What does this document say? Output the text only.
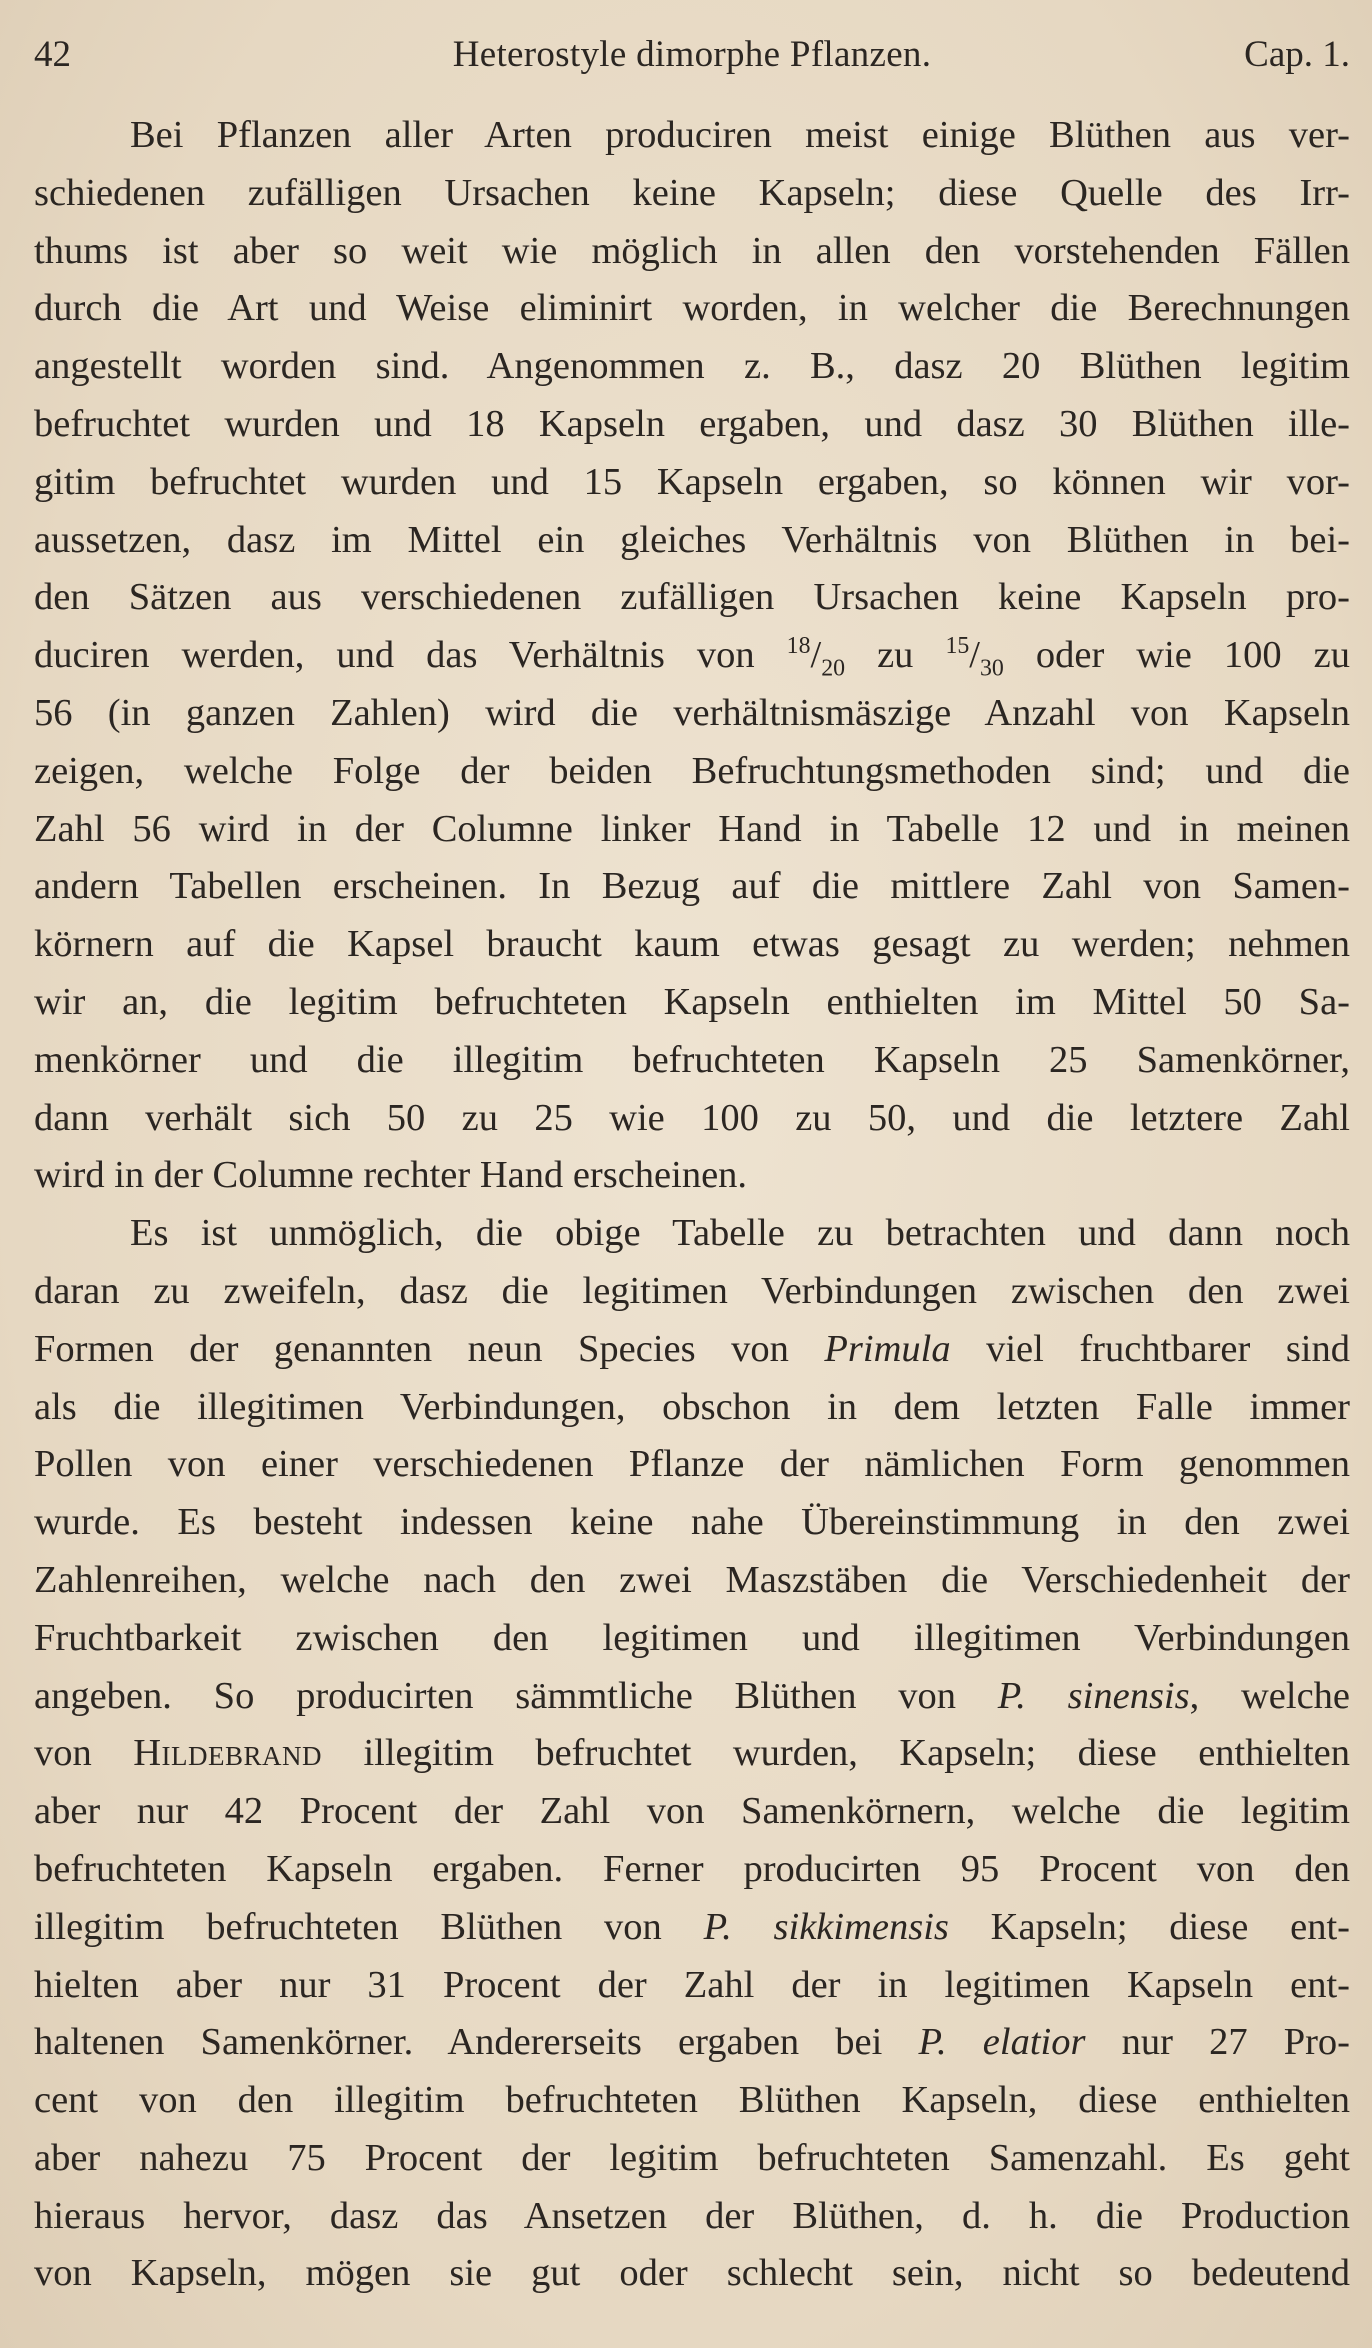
42	Heterostyle dimorphe Pflanzen.	Cap. 1.
Bei Pflanzen aller Arten produciren meist einige Blüthen aus ver-
schiedenen zufälligen Ursachen keine Kapseln; diese Quelle des Irr-
thums ist aber so weit wie möglich in allen den vorstehenden Fällen
durch die Art und Weise eliminirt worden, in welcher die Berechnungen
angestellt worden sind. Angenommen z. B., dasz 20 Blüthen legitim
befruchtet wurden und 18 Kapseln ergaben, und dasz 30 Blüthen ille-
gitim befruchtet wurden und 15 Kapseln ergaben, so können wir vor-
aussetzen, dasz im Mittel ein gleiches Verhältnis von Blüthen in bei-
den Sätzen aus verschiedenen zufälligen Ursachen keine Kapseln pro-
duciren werden, und das Verhältnis von $^{18}/_{20}$ zu $^{15}/_{30}$ oder wie 100 zu
56 (in ganzen Zahlen) wird die verhältnismäszige Anzahl von Kapseln
zeigen, welche Folge der beiden Befruchtungsmethoden sind; und die
Zahl 56 wird in der Columne linker Hand in Tabelle 12 und in meinen
andern Tabellen erscheinen. In Bezug auf die mittlere Zahl von Samen-
körnern auf die Kapsel braucht kaum etwas gesagt zu werden; nehmen
wir an, die legitim befruchteten Kapseln enthielten im Mittel 50 Sa-
menkörner und die illegitim befruchteten Kapseln 25 Samenkörner,
dann verhält sich 50 zu 25 wie 100 zu 50, und die letztere Zahl
wird in der Columne rechter Hand erscheinen.
Es ist unmöglich, die obige Tabelle zu betrachten und dann noch
daran zu zweifeln, dasz die legitimen Verbindungen zwischen den zwei
Formen der genannten neun Species von Primula viel fruchtbarer sind
als die illegitimen Verbindungen, obschon in dem letzten Falle immer
Pollen von einer verschiedenen Pflanze der nämlichen Form genommen
wurde. Es besteht indessen keine nahe Übereinstimmung in den zwei
Zahlenreihen, welche nach den zwei Maszstäben die Verschiedenheit der
Fruchtbarkeit zwischen den legitimen und illegitimen Verbindungen
angeben. So producirten sämmtliche Blüthen von P. sinensis, welche
von Hildebrand illegitim befruchtet wurden, Kapseln; diese enthielten
aber nur 42 Procent der Zahl von Samenkörnern, welche die legitim
befruchteten Kapseln ergaben. Ferner producirten 95 Procent von den
illegitim befruchteten Blüthen von P. sikkimensis Kapseln; diese ent-
hielten aber nur 31 Procent der Zahl der in legitimen Kapseln ent-
haltenen Samenkörner. Andererseits ergaben bei P. elatior nur 27 Pro-
cent von den illegitim befruchteten Blüthen Kapseln, diese enthielten
aber nahezu 75 Procent der legitim befruchteten Samenzahl. Es geht
hieraus hervor, dasz das Ansetzen der Blüthen, d. h. die Production
von Kapseln, mögen sie gut oder schlecht sein, nicht so bedeutend
